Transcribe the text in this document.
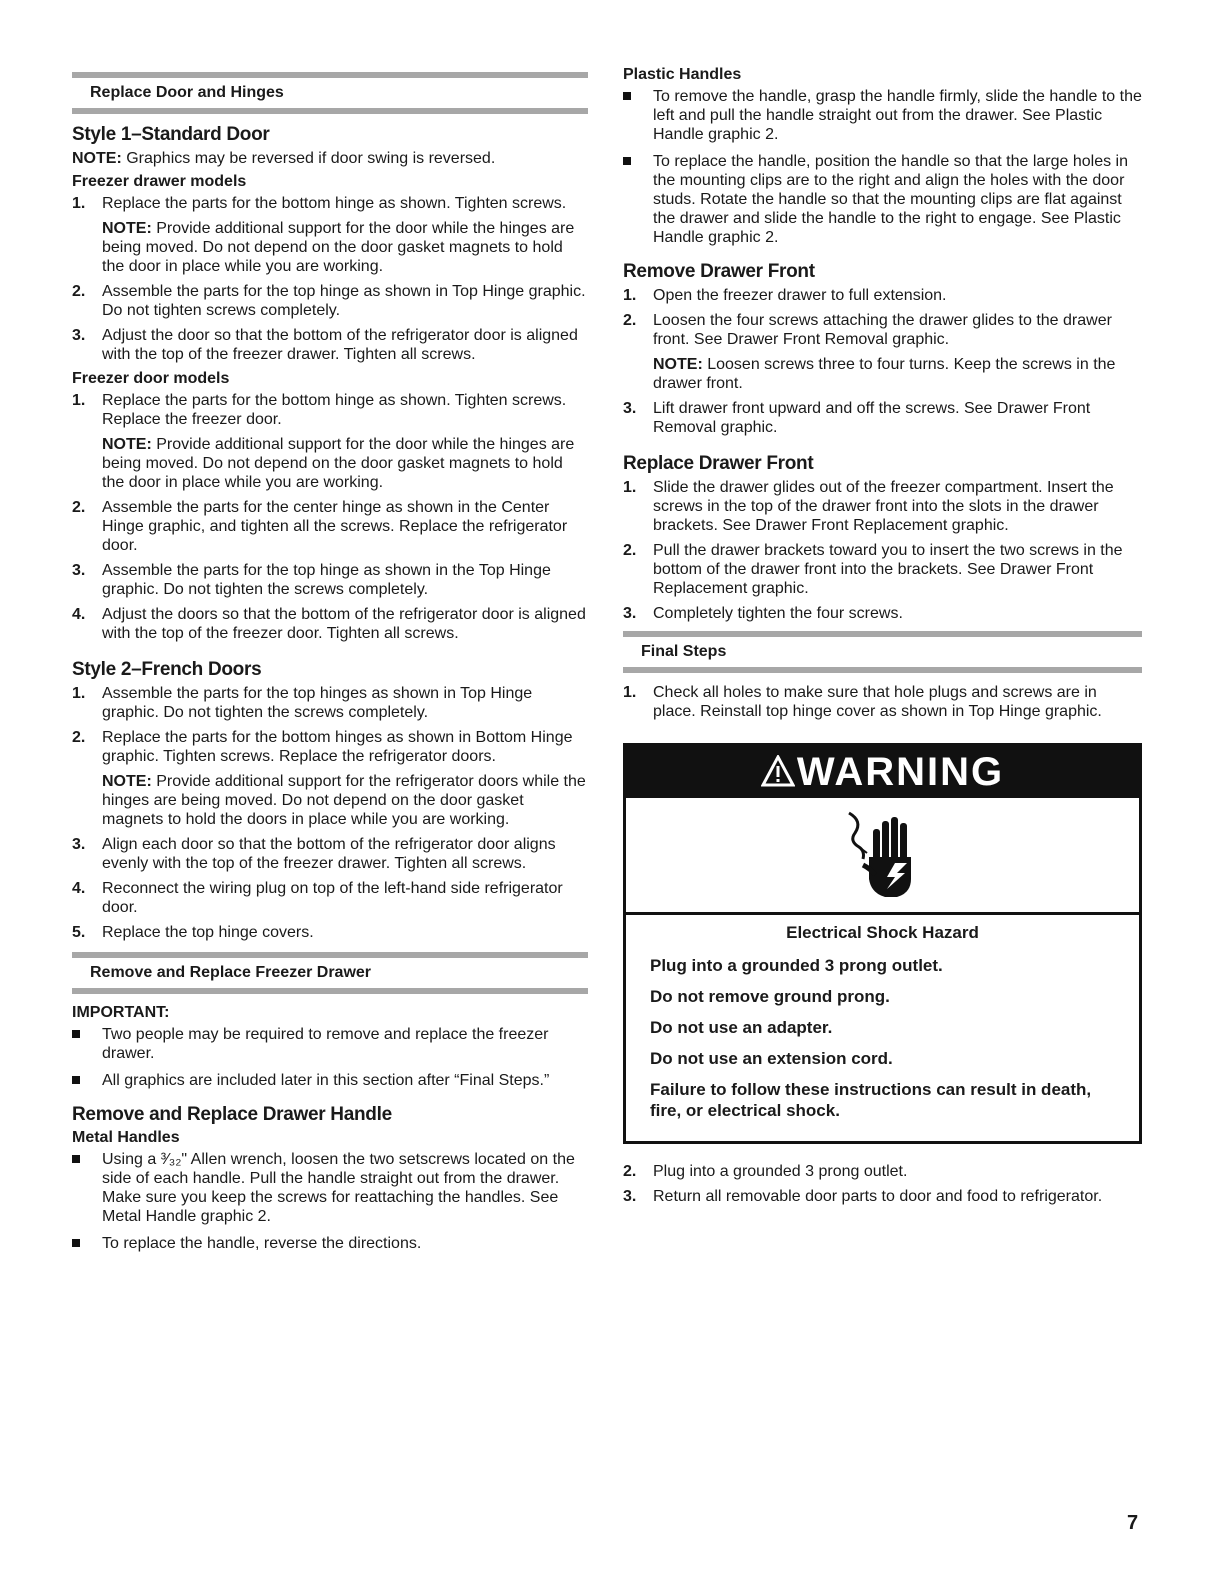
Replace Door and Hinges
Style 1–Standard Door

NOTE: Graphics may be reversed if door swing is reversed.

Freezer drawer models
1. Replace the parts for the bottom hinge as shown. Tighten screws.
NOTE: Provide additional support for the door while the hinges are being moved. Do not depend on the door gasket magnets to hold the door in place while you are working.
2. Assemble the parts for the top hinge as shown in Top Hinge graphic. Do not tighten screws completely.
3. Adjust the door so that the bottom of the refrigerator door is aligned with the top of the freezer drawer. Tighten all screws.
Freezer door models
1. Replace the parts for the bottom hinge as shown. Tighten screws. Replace the freezer door.
NOTE: Provide additional support for the door while the hinges are being moved. Do not depend on the door gasket magnets to hold the door in place while you are working.
2. Assemble the parts for the center hinge as shown in the Center Hinge graphic, and tighten all the screws. Replace the refrigerator door.
3. Assemble the parts for the top hinge as shown in the Top Hinge graphic. Do not tighten the screws completely.
4. Adjust the doors so that the bottom of the refrigerator door is aligned with the top of the freezer door. Tighten all screws.
Style 2–French Doors
1. Assemble the parts for the top hinges as shown in Top Hinge graphic. Do not tighten the screws completely.
2. Replace the parts for the bottom hinges as shown in Bottom Hinge graphic. Tighten screws. Replace the refrigerator doors.
NOTE: Provide additional support for the refrigerator doors while the hinges are being moved. Do not depend on the door gasket magnets to hold the doors in place while you are working.
3. Align each door so that the bottom of the refrigerator door aligns evenly with the top of the freezer drawer. Tighten all screws.
4. Reconnect the wiring plug on top of the left-hand side refrigerator door.
5. Replace the top hinge covers.
Remove and Replace Freezer Drawer
IMPORTANT:
Two people may be required to remove and replace the freezer drawer.
All graphics are included later in this section after “Final Steps.”
Remove and Replace Drawer Handle
Metal Handles
Using a ³⁄₃₂" Allen wrench, loosen the two setscrews located on the side of each handle. Pull the handle straight out from the drawer. Make sure you keep the screws for reattaching the handles. See Metal Handle graphic 2.
To replace the handle, reverse the directions.
Plastic Handles
To remove the handle, grasp the handle firmly, slide the handle to the left and pull the handle straight out from the drawer. See Plastic Handle graphic 2.
To replace the handle, position the handle so that the large holes in the mounting clips are to the right and align the holes with the door studs. Rotate the handle so that the mounting clips are flat against the drawer and slide the handle to the right to engage. See Plastic Handle graphic 2.
Remove Drawer Front
1. Open the freezer drawer to full extension.
2. Loosen the four screws attaching the drawer glides to the drawer front. See Drawer Front Removal graphic.
NOTE: Loosen screws three to four turns. Keep the screws in the drawer front.
3. Lift drawer front upward and off the screws. See Drawer Front Removal graphic.
Replace Drawer Front
1. Slide the drawer glides out of the freezer compartment. Insert the screws in the top of the drawer front into the slots in the drawer brackets. See Drawer Front Replacement graphic.
2. Pull the drawer brackets toward you to insert the two screws in the bottom of the drawer front into the brackets. See Drawer Front Replacement graphic.
3. Completely tighten the four screws.
Final Steps
1. Check all holes to make sure that hole plugs and screws are in place. Reinstall top hinge cover as shown in Top Hinge graphic.
WARNING
Electrical Shock Hazard
Plug into a grounded 3 prong outlet.
Do not remove ground prong.
Do not use an adapter.
Do not use an extension cord.
Failure to follow these instructions can result in death, fire, or electrical shock.
2. Plug into a grounded 3 prong outlet.
3. Return all removable door parts to door and food to refrigerator.
7
